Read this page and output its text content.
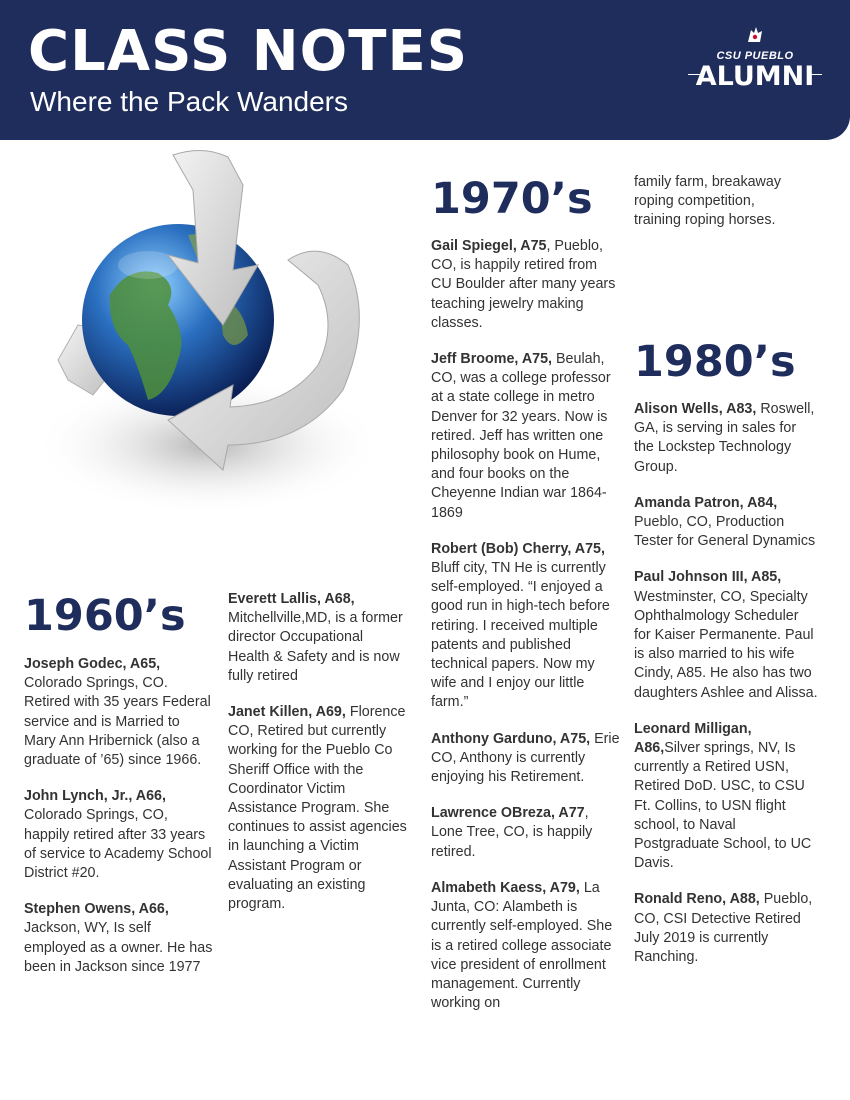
CLASS NOTES
Where the Pack Wanders
CSU PUEBLO
ALUMNI
1960’s
1970’s
1980’s

Joseph Godec, A65, Colorado Springs, CO. Retired with 35 years Federal service and is Married to Mary Ann Hribernick (also a graduate of ’65) since 1966.

John Lynch, Jr., A66, Colorado Springs, CO, happily retired after 33 years of service to Academy School District #20.

Stephen Owens, A66, Jackson, WY, Is self employed as a owner. He has been in Jackson since 1977

Everett Lallis, A68, Mitchellville,MD, is a former director Occupational Health & Safety and is now fully retired

Janet Killen, A69, Florence CO, Retired but currently working for the Pueblo Co Sheriff Office with the Coordinator Victim Assistance Program. She continues to assist agencies in launching a Victim Assistant Program or evaluating an existing program.

Gail Spiegel, A75, Pueblo, CO, is happily retired from CU Boulder after many years teaching jewelry making classes.

Jeff Broome, A75, Beulah, CO, was a college professor at a state college in metro Denver for 32 years. Now is retired. Jeff has written one philosophy book on Hume, and four books on the Cheyenne Indian war 1864-1869

Robert (Bob) Cherry, A75, Bluff city, TN He is currently self-employed. “I enjoyed a good run in high-tech before retiring. I received multiple patents and published technical papers. Now my wife and I enjoy our little farm.”

Anthony Garduno, A75, Erie CO, Anthony is currently enjoying his Retirement.

Lawrence OBreza, A77, Lone Tree, CO, is happily retired.

Almabeth Kaess, A79, La Junta, CO: Alambeth is currently self-employed. She is a retired college associate vice president of enrollment management. Currently working on

family farm, breakaway roping competition, training roping horses.

Alison Wells, A83, Roswell, GA, is serving in sales for the Lockstep Technology Group.

Amanda Patron, A84, Pueblo, CO, Production Tester for General Dynamics

Paul Johnson III, A85, Westminster, CO, Specialty Ophthalmology Scheduler for Kaiser Permanente. Paul is also married to his wife Cindy, A85. He also has two daughters Ashlee and Alissa.

Leonard Milligan, A86,Silver springs, NV, Is currently a Retired USN, Retired DoD. USC, to CSU Ft. Collins, to USN flight school, to Naval Postgraduate School, to UC Davis.

Ronald Reno, A88, Pueblo, CO, CSI Detective Retired July 2019 is currently Ranching.
